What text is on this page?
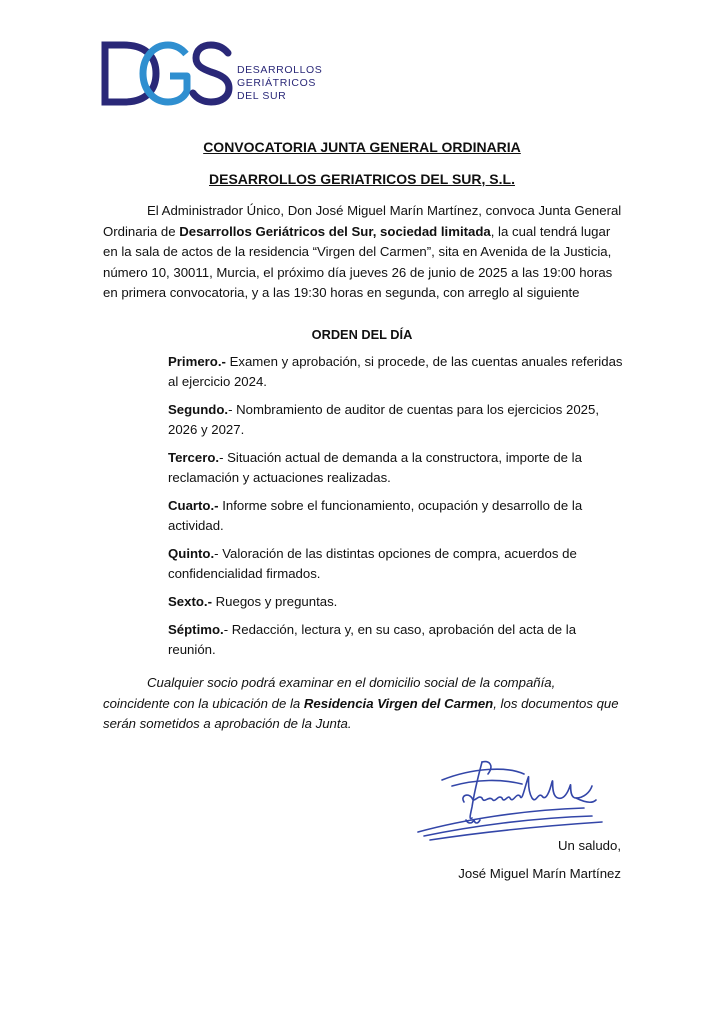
DESARROLLOS
GERIÁTRICOS
DEL SUR
CONVOCATORIA JUNTA GENERAL ORDINARIA
DESARROLLOS GERIATRICOS DEL SUR, S.L.
El Administrador Único, Don José Miguel Marín Martínez, convoca Junta General Ordinaria de Desarrollos Geriátricos del Sur, sociedad limitada, la cual tendrá lugar en la sala de actos de la residencia “Virgen del Carmen”, sita en Avenida de la Justicia, número 10, 30011, Murcia, el próximo día jueves 26 de junio de 2025 a las 19:00 horas en primera convocatoria, y a las 19:30 horas en segunda, con arreglo al siguiente
ORDEN DEL DÍA
Primero.- Examen y aprobación, si procede, de las cuentas anuales referidas al ejercicio 2024.
Segundo.- Nombramiento de auditor de cuentas para los ejercicios 2025, 2026 y 2027.
Tercero.- Situación actual de demanda a la constructora, importe de la reclamación y actuaciones realizadas.
Cuarto.- Informe sobre el funcionamiento, ocupación y desarrollo de la actividad.
Quinto.- Valoración de las distintas opciones de compra, acuerdos de confidencialidad firmados.
Sexto.- Ruegos y preguntas.
Séptimo.- Redacción, lectura y, en su caso, aprobación del acta de la reunión.
Cualquier socio podrá examinar en el domicilio social de la compañía, coincidente con la ubicación de la Residencia Virgen del Carmen, los documentos que serán sometidos a aprobación de la Junta.
Un saludo,
José Miguel Marín Martínez
